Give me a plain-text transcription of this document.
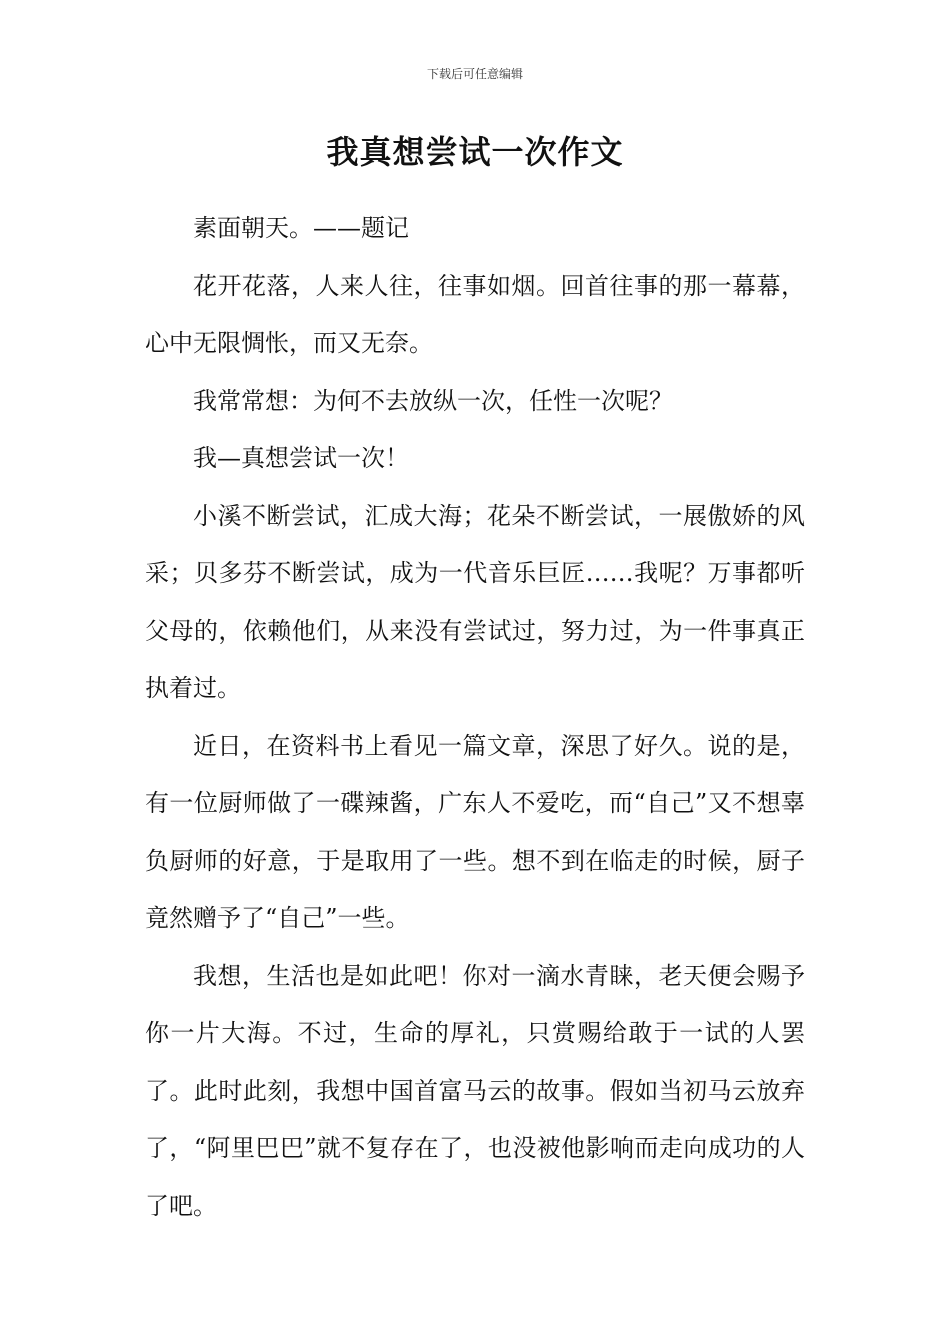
下载后可任意编辑
我真想尝试一次作文

素面朝天。——题记

花开花落，人来人往，往事如烟。回首往事的那一幕幕，心中无限惆怅，而又无奈。

我常常想：为何不去放纵一次，任性一次呢？

我—真想尝试一次！

小溪不断尝试，汇成大海；花朵不断尝试，一展傲娇的风采；贝多芬不断尝试，成为一代音乐巨匠……我呢？万事都听父母的，依赖他们，从来没有尝试过，努力过，为一件事真正执着过。

近日，在资料书上看见一篇文章，深思了好久。说的是，有一位厨师做了一碟辣酱，广东人不爱吃，而“自己”又不想辜负厨师的好意，于是取用了一些。想不到在临走的时候，厨子竟然赠予了“自己”一些。

我想，生活也是如此吧！你对一滴水青睐，老天便会赐予你一片大海。不过，生命的厚礼，只赏赐给敢于一试的人罢了。此时此刻，我想中国首富马云的故事。假如当初马云放弃了，“阿里巴巴”就不复存在了，也没被他影响而走向成功的人了吧。
